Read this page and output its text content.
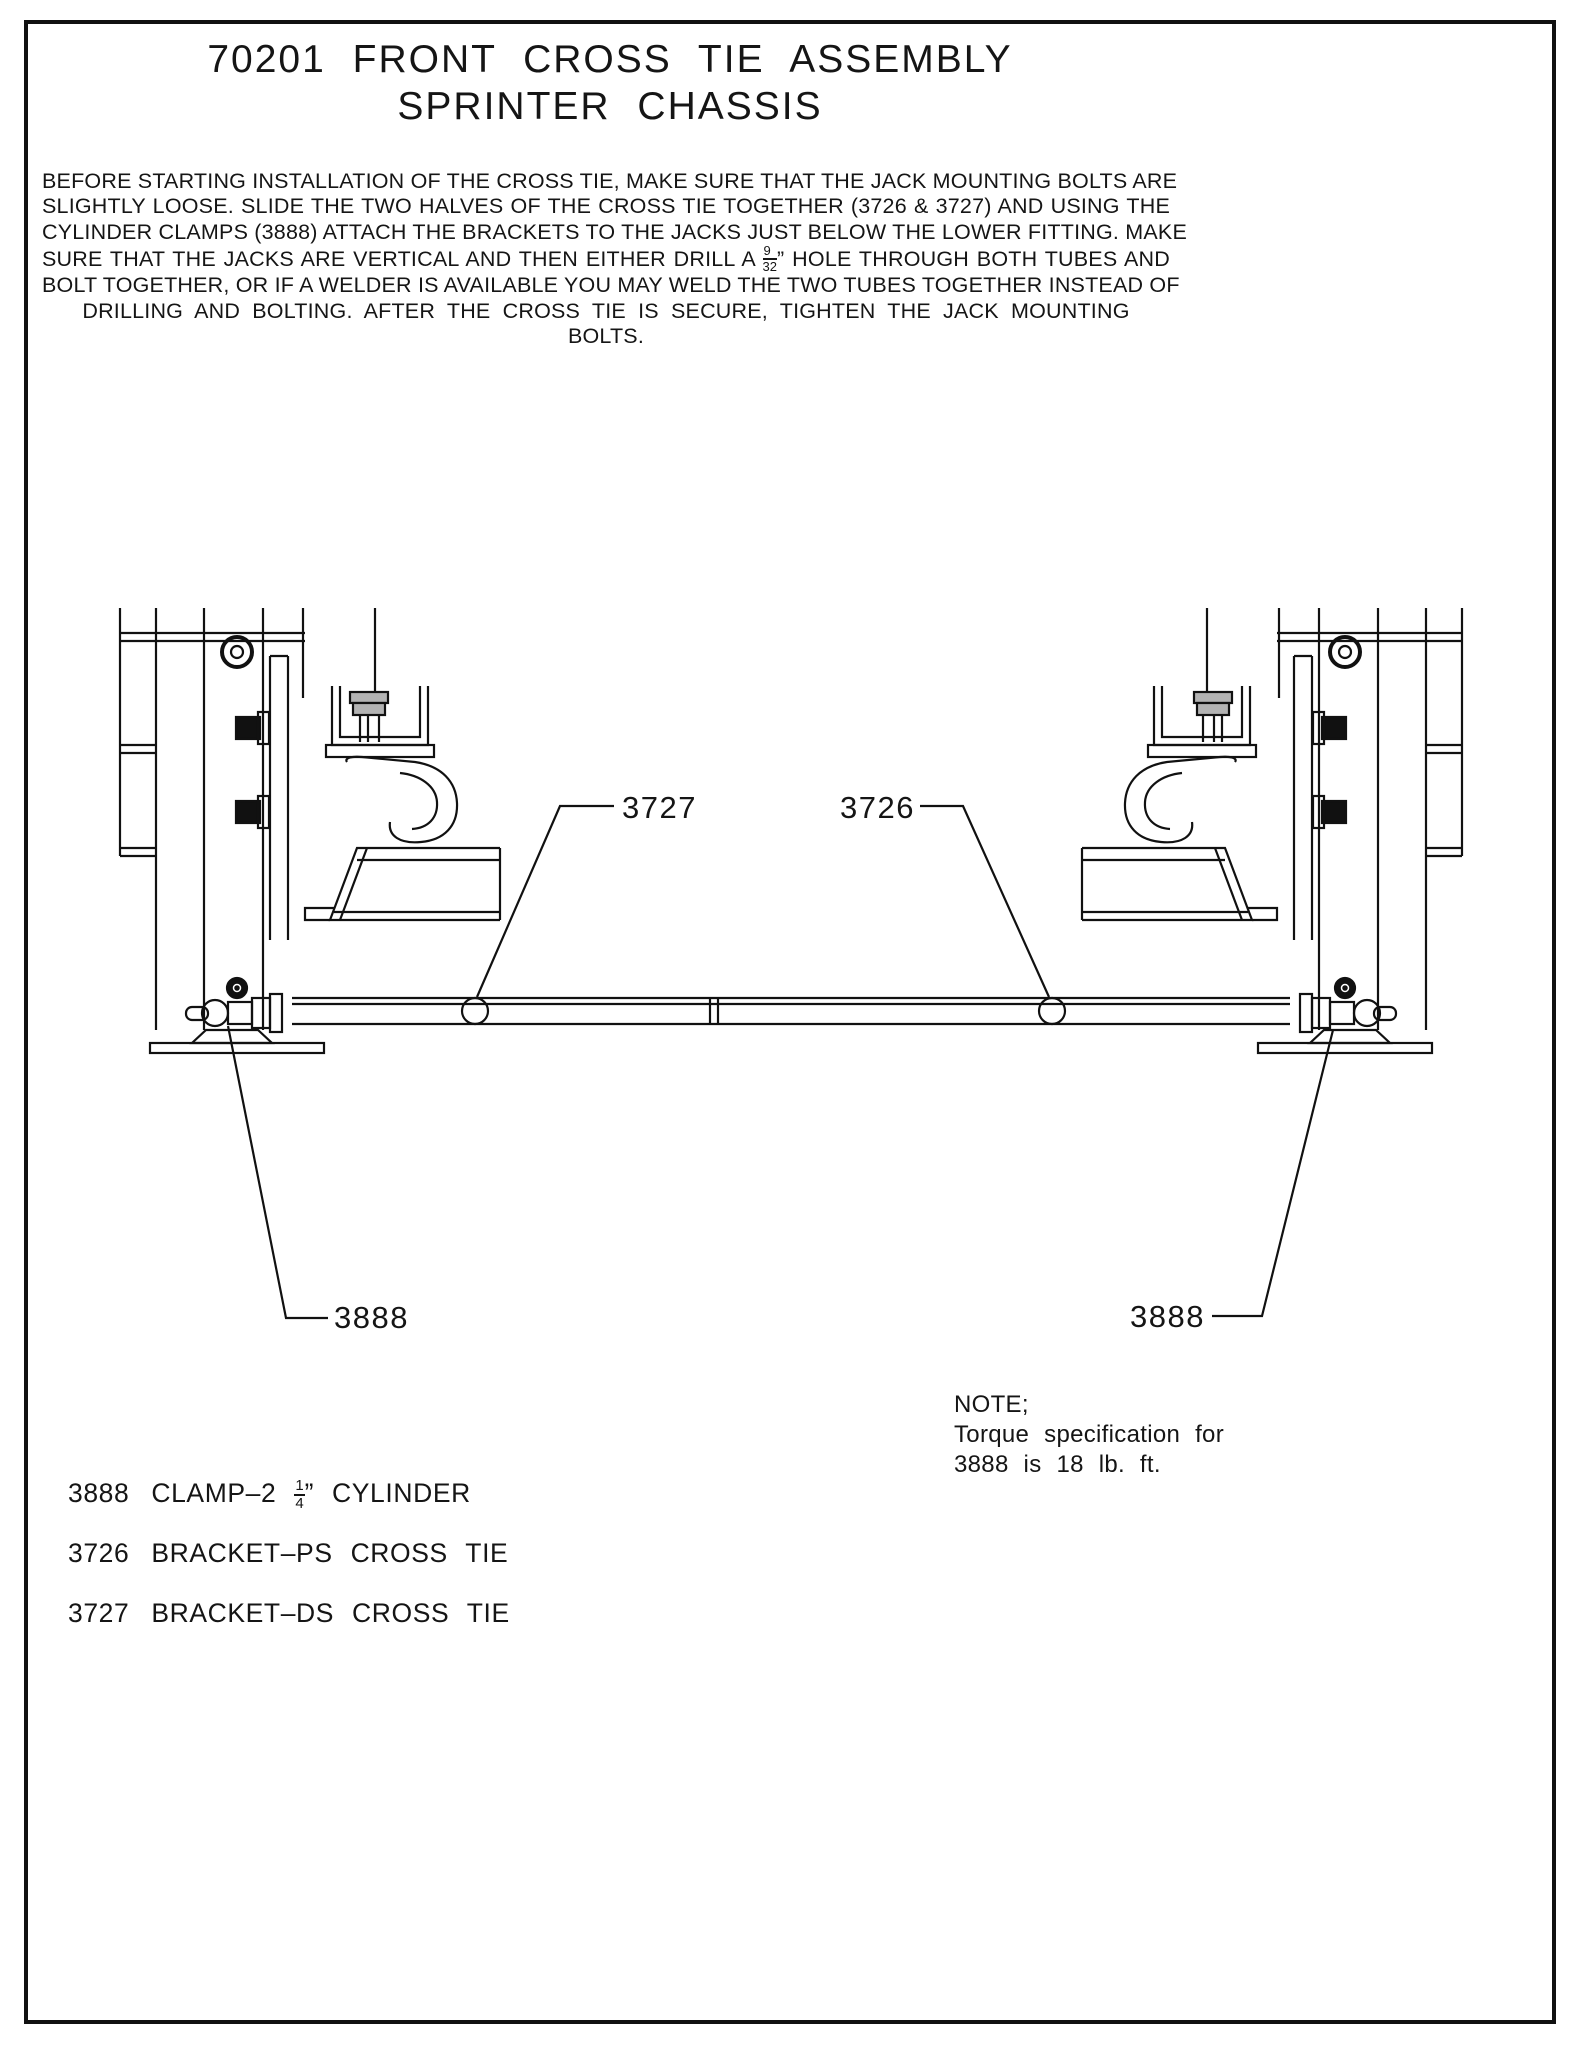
70201 FRONT CROSS TIE ASSEMBLY
SPRINTER CHASSIS
BEFORE STARTING INSTALLATION OF THE CROSS TIE, MAKE SURE THAT THE JACK MOUNTING BOLTS ARE
SLIGHTLY LOOSE. SLIDE THE TWO HALVES OF THE CROSS TIE TOGETHER (3726 & 3727) AND USING THE
CYLINDER CLAMPS (3888) ATTACH THE BRACKETS TO THE JACKS JUST BELOW THE LOWER FITTING. MAKE
SURE THAT THE JACKS ARE VERTICAL AND THEN EITHER DRILL A $\frac{9}{32}$ ” HOLE THROUGH BOTH TUBES AND
BOLT TOGETHER, OR IF A WELDER IS AVAILABLE YOU MAY WELD THE TWO TUBES TOGETHER INSTEAD OF
DRILLING AND BOLTING. AFTER THE CROSS TIE IS SECURE, TIGHTEN THE JACK MOUNTING BOLTS.
3727	3726
3888	3888
NOTE;
Torque specification for
3888 is 18 lb. ft.
3888 CLAMP–2 $\frac{1}{4}$ ” CYLINDER
3726 BRACKET–PS CROSS TIE
3727 BRACKET–DS CROSS TIE
